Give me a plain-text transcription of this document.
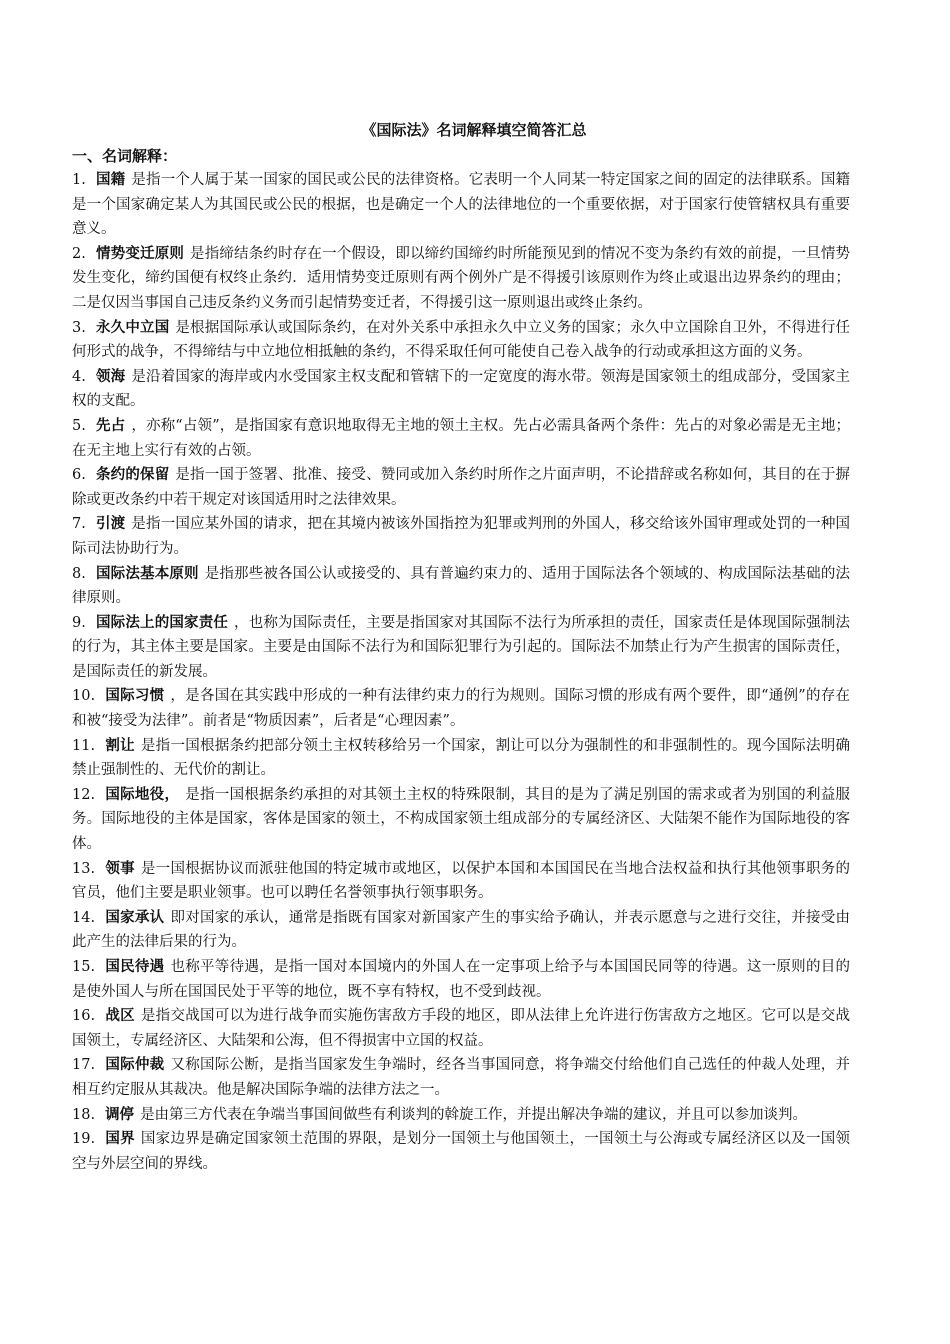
《国际法》名词解释填空简答汇总
一、名词解释：
1. 国籍 是指一个人属于某一国家的国民或公民的法律资格。它表明一个人同某一特定国家之间的固定的法律联系。国籍是一个国家确定某人为其国民或公民的根据，也是确定一个人的法律地位的一个重要依据，对于国家行使管辖权具有重要意义。
2. 情势变迁原则 是指缔结条约时存在一个假设，即以缔约国缔约时所能预见到的情况不变为条约有效的前提，一旦情势发生变化，缔约国便有权终止条约．适用情势变迁原则有两个例外广是不得援引该原则作为终止或退出边界条约的理由；二是仅因当事国自己违反条约义务而引起情势变迁者，不得援引这一原则退出或终止条约。
3. 永久中立国 是根据国际承认或国际条约，在对外关系中承担永久中立义务的国家；永久中立国除自卫外，不得进行任何形式的战争，不得缔结与中立地位相抵触的条约，不得采取任何可能使自己卷入战争的行动或承担这方面的义务。
4. 领海 是沿着国家的海岸或内水受国家主权支配和管辖下的一定宽度的海水带。领海是国家领土的组成部分，受国家主权的支配。
5. 先占 ，亦称“占领”，是指国家有意识地取得无主地的领土主权。先占必需具备两个条件：先占的对象必需是无主地；在无主地上实行有效的占领。
6. 条约的保留 是指一国于签署、批准、接受、赞同或加入条约时所作之片面声明，不论措辞或名称如何，其目的在于摒除或更改条约中若干规定对该国适用时之法律效果。
7. 引渡 是指一国应某外国的请求，把在其境内被该外国指控为犯罪或判刑的外国人，移交给该外国审理或处罚的一种国际司法协助行为。
8. 国际法基本原则 是指那些被各国公认或接受的、具有普遍约束力的、适用于国际法各个领域的、构成国际法基础的法律原则。
9. 国际法上的国家责任 ，也称为国际责任，主要是指国家对其国际不法行为所承担的责任，国家责任是体现国际强制法的行为，其主体主要是国家。主要是由国际不法行为和国际犯罪行为引起的。国际法不加禁止行为产生损害的国际责任，是国际责任的新发展。
10. 国际习惯 ，是各国在其实践中形成的一种有法律约束力的行为规则。国际习惯的形成有两个要件，即“通例”的存在和被“接受为法律”。前者是“物质因素”，后者是“心理因素”。
11. 割让 是指一国根据条约把部分领土主权转移给另一个国家，割让可以分为强制性的和非强制性的。现今国际法明确禁止强制性的、无代价的割让。
12. 国际地役， 是指一国根据条约承担的对其领土主权的特殊限制，其目的是为了满足别国的需求或者为别国的利益服务。国际地役的主体是国家，客体是国家的领土，不构成国家领土组成部分的专属经济区、大陆架不能作为国际地役的客体。
13. 领事 是一国根据协议而派驻他国的特定城市或地区，以保护本国和本国国民在当地合法权益和执行其他领事职务的官员，他们主要是职业领事。也可以聘任名誉领事执行领事职务。
14. 国家承认 即对国家的承认，通常是指既有国家对新国家产生的事实给予确认，并表示愿意与之进行交往，并接受由此产生的法律后果的行为。
15. 国民待遇 也称平等待遇，是指一国对本国境内的外国人在一定事项上给予与本国国民同等的待遇。这一原则的目的是使外国人与所在国国民处于平等的地位，既不享有特权，也不受到歧视。
16. 战区 是指交战国可以为进行战争而实施伤害敌方手段的地区，即从法律上允许进行伤害敌方之地区。它可以是交战国领土，专属经济区、大陆架和公海，但不得损害中立国的权益。
17. 国际仲裁 又称国际公断，是指当国家发生争端时，经各当事国同意，将争端交付给他们自己选任的仲裁人处理，并相互约定服从其裁决。他是解决国际争端的法律方法之一。
18. 调停 是由第三方代表在争端当事国间做些有利谈判的斡旋工作，并提出解决争端的建议，并且可以参加谈判。
19. 国界 国家边界是确定国家领土范围的界限，是划分一国领土与他国领土，一国领土与公海或专属经济区以及一国领空与外层空间的界线。
